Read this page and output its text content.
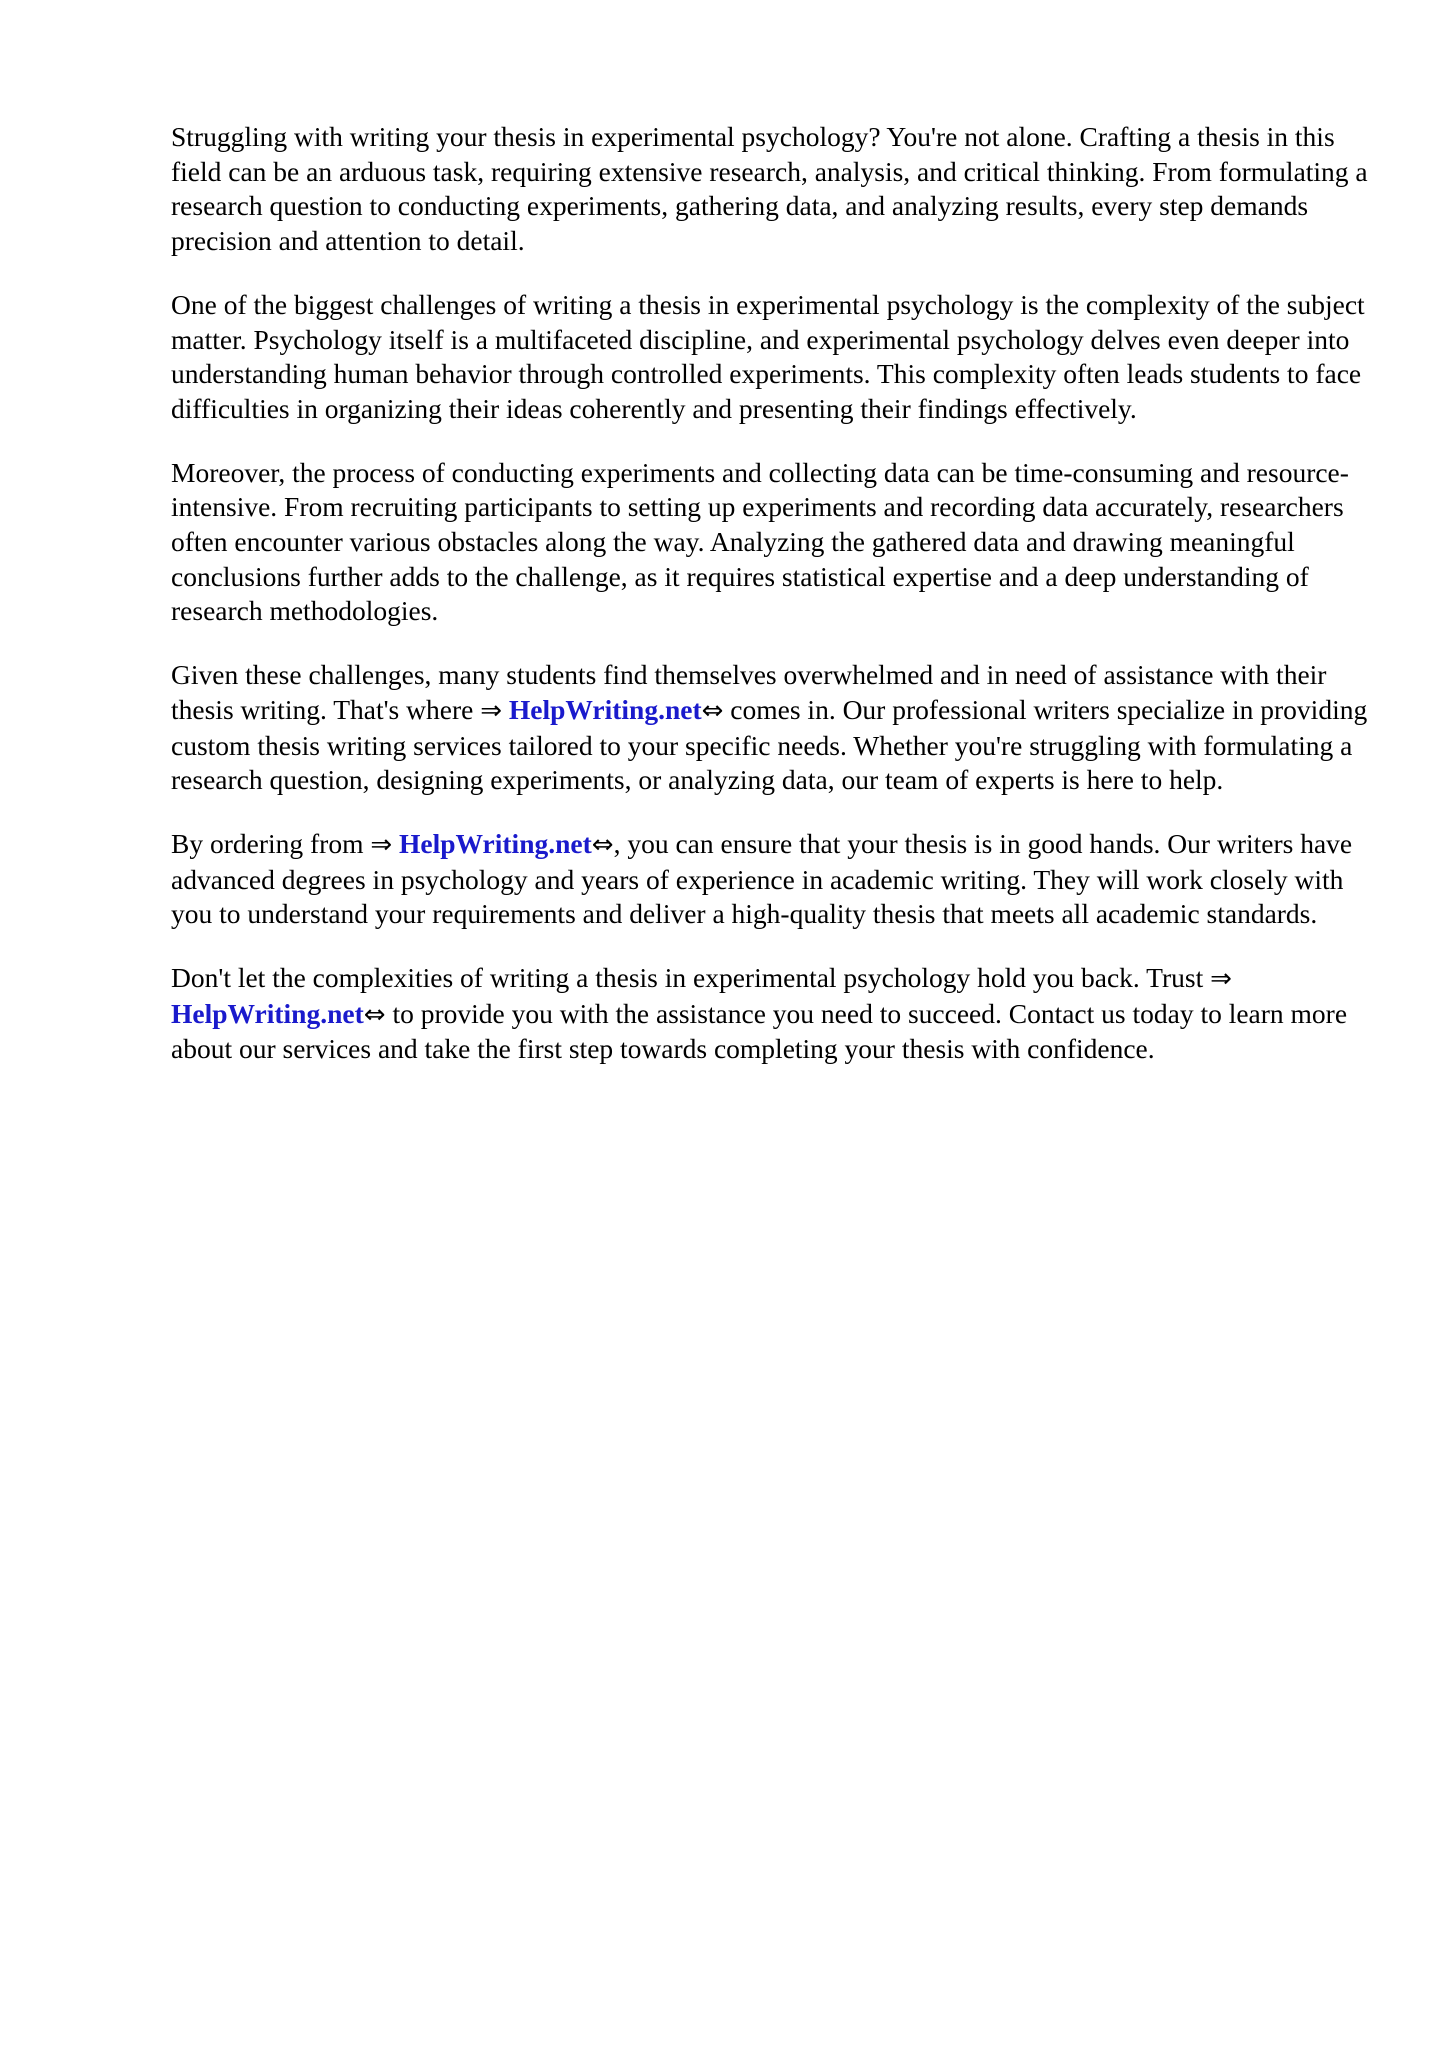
Struggling with writing your thesis in experimental psychology? You're not alone. Crafting a thesis in this field can be an arduous task, requiring extensive research, analysis, and critical thinking. From formulating a research question to conducting experiments, gathering data, and analyzing results, every step demands precision and attention to detail.

One of the biggest challenges of writing a thesis in experimental psychology is the complexity of the subject matter. Psychology itself is a multifaceted discipline, and experimental psychology delves even deeper into understanding human behavior through controlled experiments. This complexity often leads students to face difficulties in organizing their ideas coherently and presenting their findings effectively.

Moreover, the process of conducting experiments and collecting data can be time-consuming and resource-intensive. From recruiting participants to setting up experiments and recording data accurately, researchers often encounter various obstacles along the way. Analyzing the gathered data and drawing meaningful conclusions further adds to the challenge, as it requires statistical expertise and a deep understanding of research methodologies.

Given these challenges, many students find themselves overwhelmed and in need of assistance with their thesis writing. That's where ⇒ HelpWriting.net⇔ comes in. Our professional writers specialize in providing custom thesis writing services tailored to your specific needs. Whether you're struggling with formulating a research question, designing experiments, or analyzing data, our team of experts is here to help.

By ordering from ⇒ HelpWriting.net⇔, you can ensure that your thesis is in good hands. Our writers have advanced degrees in psychology and years of experience in academic writing. They will work closely with you to understand your requirements and deliver a high-quality thesis that meets all academic standards.

Don't let the complexities of writing a thesis in experimental psychology hold you back. Trust ⇒ HelpWriting.net⇔ to provide you with the assistance you need to succeed. Contact us today to learn more about our services and take the first step towards completing your thesis with confidence.
